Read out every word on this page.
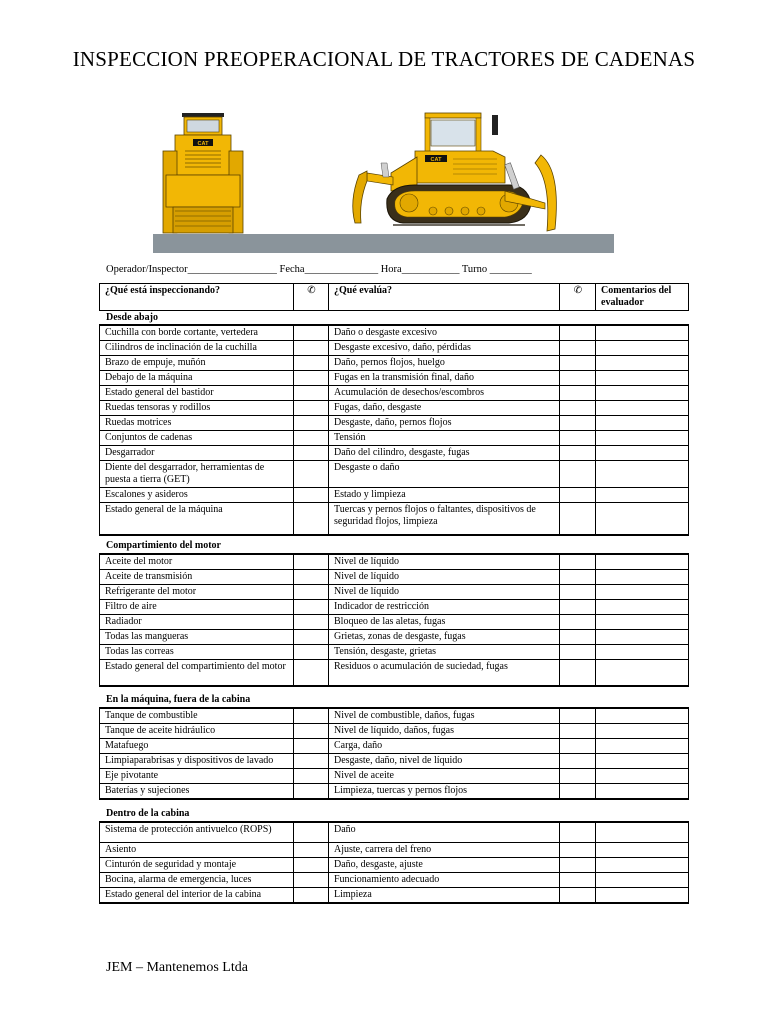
INSPECCION PREOPERACIONAL DE TRACTORES DE CADENAS
CAT
CAT
Operador/Inspector_________________ Fecha______________ Hora___________ Turno ________
¿Qué está inspeccionando?	✆	¿Qué evalúa?	✆	Comentarios del evaluador
Desde abajo
Cuchilla con borde cortante, vertedera		Daño o desgaste excesivo		
Cilindros de inclinación de la cuchilla		Desgaste excesivo, daño, pérdidas		
Brazo de empuje, muñón		Daño, pernos flojos, huelgo		
Debajo de la máquina		Fugas en la transmisión final, daño		
Estado general del bastidor		Acumulación de desechos/escombros		
Ruedas tensoras y rodillos		Fugas, daño, desgaste		
Ruedas motrices		Desgaste, daño, pernos flojos		
Conjuntos de cadenas		Tensión		
Desgarrador		Daño del cilindro, desgaste, fugas		
Diente del desgarrador, herramientas de puesta a tierra (GET)		Desgaste o daño		
Escalones y asideros		Estado y limpieza		
Estado general de la máquina		Tuercas y pernos flojos o faltantes, dispositivos de seguridad flojos, limpieza		
Compartimiento del motor
Aceite del motor		Nivel de líquido		
Aceite de transmisión		Nivel de líquido		
Refrigerante del motor		Nivel de líquido		
Filtro de aire		Indicador de restricción		
Radiador		Bloqueo de las aletas, fugas		
Todas las mangueras		Grietas, zonas de desgaste, fugas		
Todas las correas		Tensión, desgaste, grietas		
Estado general del compartimiento del motor		Residuos o acumulación de suciedad, fugas		
En la máquina, fuera de la cabina
Tanque de combustible		Nivel de combustible, daños, fugas		
Tanque de aceite hidráulico		Nivel de líquido, daños, fugas		
Matafuego		Carga, daño		
Limpiaparabrisas y dispositivos de lavado		Desgaste, daño, nivel de líquido		
Eje pivotante		Nivel de aceite		
Baterías y sujeciones		Limpieza, tuercas y pernos flojos		
Dentro de la cabina
Sistema de protección antivuelco (ROPS)		Daño		
Asiento		Ajuste, carrera del freno		
Cinturón de seguridad y montaje		Daño, desgaste, ajuste		
Bocina, alarma de emergencia, luces		Funcionamiento adecuado		
Estado general del interior de la cabina		Limpieza		
JEM – Mantenemos Ltda
